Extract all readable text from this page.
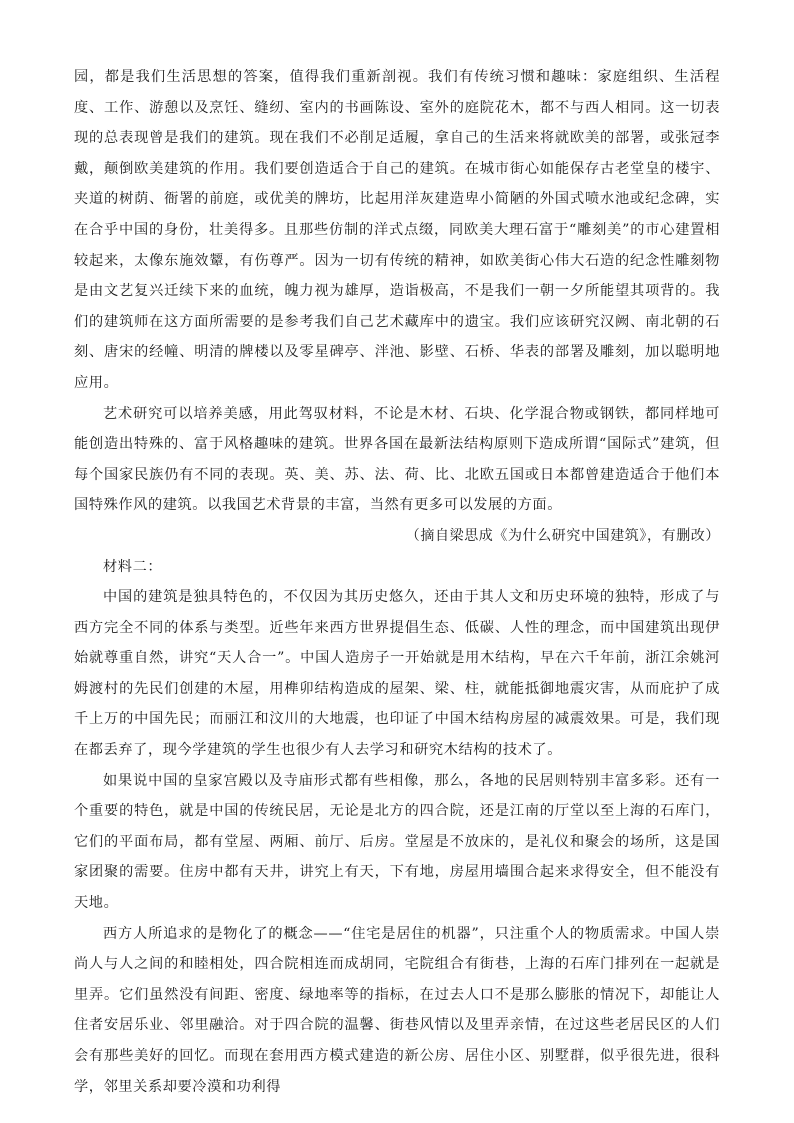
园，都是我们生活思想的答案，值得我们重新剖视。我们有传统习惯和趣味：家庭组织、生活程度、工作、游憩以及烹饪、缝纫、室内的书画陈设、室外的庭院花木，都不与西人相同。这一切表现的总表现曾是我们的建筑。现在我们不必削足适履，拿自己的生活来将就欧美的部署，或张冠李戴，颠倒欧美建筑的作用。我们要创造适合于自己的建筑。在城市街心如能保存古老堂皇的楼宇、夹道的树荫、衙署的前庭，或优美的牌坊，比起用洋灰建造卑小简陋的外国式喷水池或纪念碑，实在合乎中国的身份，壮美得多。且那些仿制的洋式点缀，同欧美大理石富于“雕刻美”的市心建置相较起来，太像东施效颦，有伤尊严。因为一切有传统的精神，如欧美街心伟大石造的纪念性雕刻物是由文艺复兴迁续下来的血统，魄力视为雄厚，造诣极高，不是我们一朝一夕所能望其项背的。我们的建筑师在这方面所需要的是参考我们自己艺术藏库中的遗宝。我们应该研究汉阙、南北朝的石刻、唐宋的经幢、明清的牌楼以及零星碑亭、泮池、影壁、石桥、华表的部署及雕刻，加以聪明地应用。

艺术研究可以培养美感，用此驾驭材料，不论是木材、石块、化学混合物或钢铁，都同样地可能创造出特殊的、富于风格趣味的建筑。世界各国在最新法结构原则下造成所谓“国际式”建筑，但每个国家民族仍有不同的表现。英、美、苏、法、荷、比、北欧五国或日本都曾建造适合于他们本国特殊作风的建筑。以我国艺术背景的丰富，当然有更多可以发展的方面。

（摘自梁思成《为什么研究中国建筑》，有删改）

材料二：

中国的建筑是独具特色的，不仅因为其历史悠久，还由于其人文和历史环境的独特，形成了与西方完全不同的体系与类型。近些年来西方世界提倡生态、低碳、人性的理念，而中国建筑出现伊始就尊重自然，讲究“天人合一”。中国人造房子一开始就是用木结构，早在六千年前，浙江余姚河姆渡村的先民们创建的木屋，用榫卯结构造成的屋架、梁、柱，就能抵御地震灾害，从而庇护了成千上万的中国先民；而丽江和汶川的大地震，也印证了中国木结构房屋的减震效果。可是，我们现在都丢弃了，现今学建筑的学生也很少有人去学习和研究木结构的技术了。

如果说中国的皇家宫殿以及寺庙形式都有些相像，那么，各地的民居则特别丰富多彩。还有一个重要的特色，就是中国的传统民居，无论是北方的四合院，还是江南的厅堂以至上海的石库门，它们的平面布局，都有堂屋、两厢、前厅、后房。堂屋是不放床的，是礼仪和聚会的场所，这是国家团聚的需要。住房中都有天井，讲究上有天，下有地，房屋用墙围合起来求得安全，但不能没有天地。

西方人所追求的是物化了的概念——“住宅是居住的机器”，只注重个人的物质需求。中国人崇尚人与人之间的和睦相处，四合院相连而成胡同，宅院组合有街巷，上海的石库门排列在一起就是里弄。它们虽然没有间距、密度、绿地率等的指标，在过去人口不是那么膨胀的情况下，却能让人住者安居乐业、邻里融洽。对于四合院的温馨、街巷风情以及里弄亲情，在过这些老居民区的人们会有那些美好的回忆。而现在套用西方模式建造的新公房、居住小区、别墅群，似乎很先进，很科学，邻里关系却要冷漠和功利得
